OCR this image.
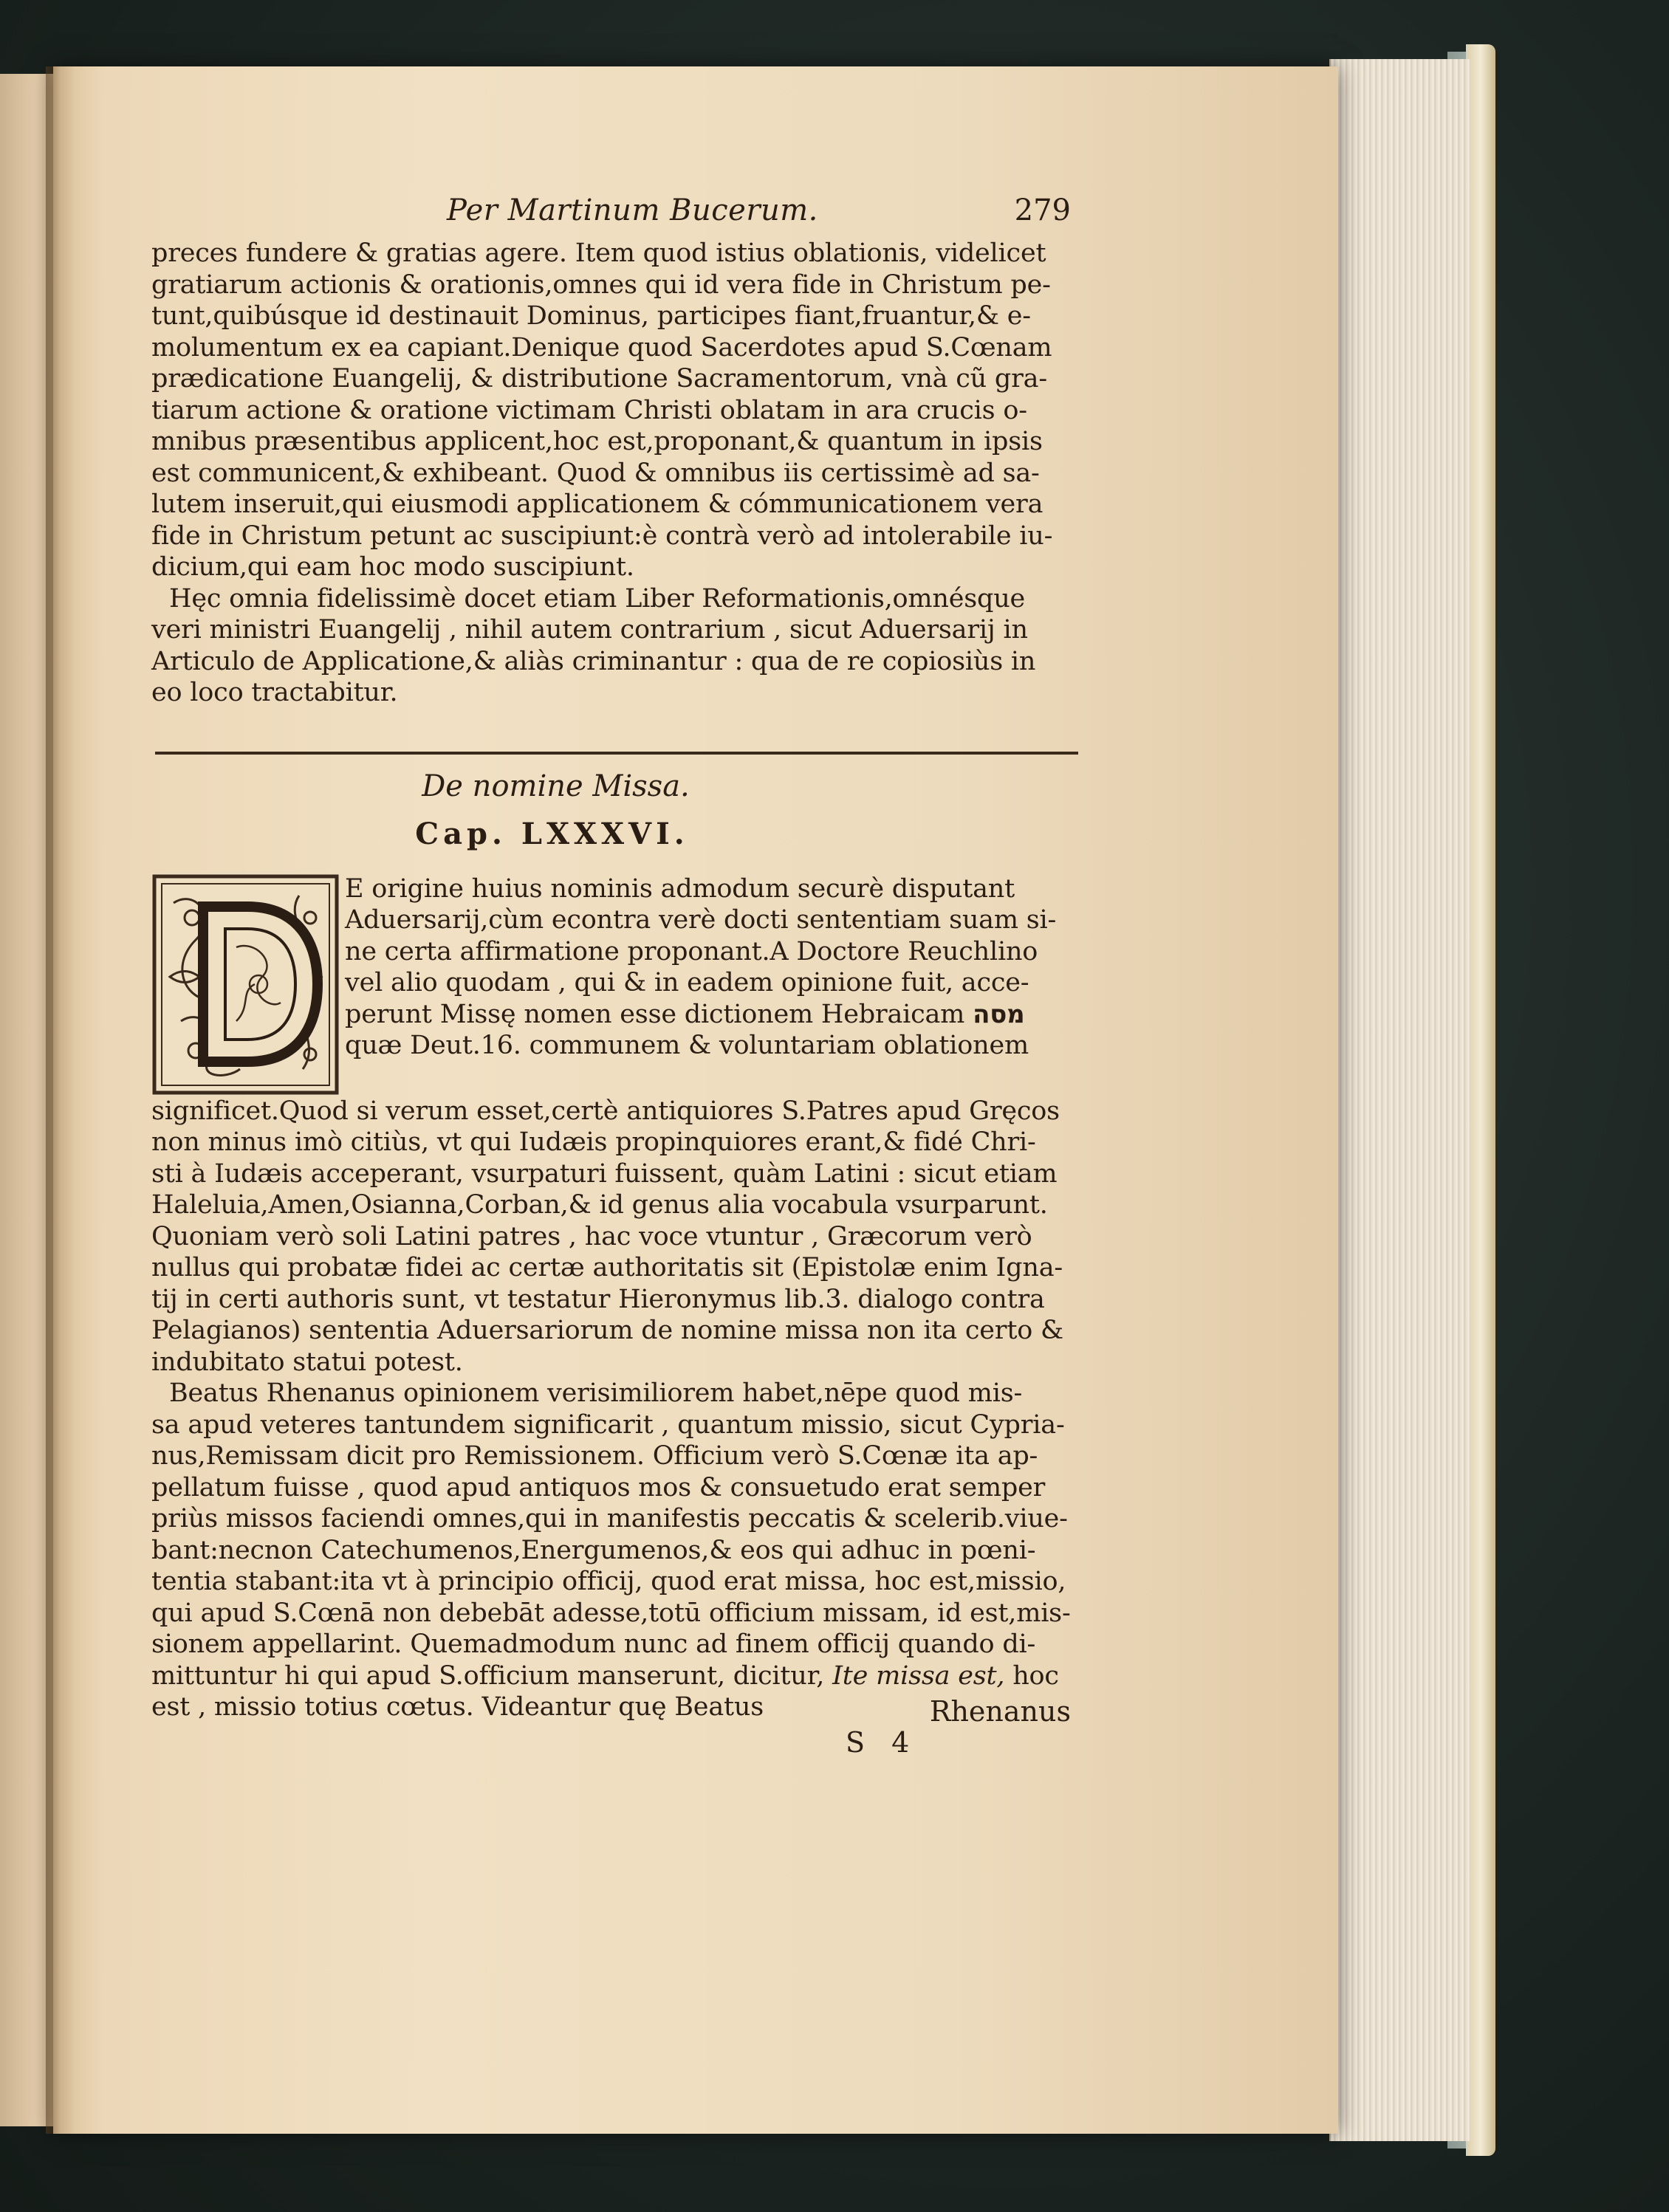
Per Martinum Bucerum.	279
preces fundere & gratias agere. Item quod istius oblationis, videlicet
gratiarum actionis & orationis,omnes qui id vera fide in Christum pe-
tunt,quibúsque id destinauit Dominus, participes fiant,fruantur,& e-
molumentum ex ea capiant.Denique quod Sacerdotes apud S.Cœnam
prædicatione Euangelij, & distributione Sacramentorum, vnà cũ gra-
tiarum actione & oratione victimam Christi oblatam in ara crucis o-
mnibus præsentibus applicent,hoc est,proponant,& quantum in ipsis
est communicent,& exhibeant. Quod & omnibus iis certissimè ad sa-
lutem inseruit,qui eiusmodi applicationem & cómmunicationem vera
fide in Christum petunt ac suscipiunt:è contrà verò ad intolerabile iu-
dicium,qui eam hoc modo suscipiunt.
Hęc omnia fidelissimè docet etiam Liber Reformationis,omnésque
veri ministri Euangelij , nihil autem contrarium , sicut Aduersarij in
Articulo de Applicatione,& aliàs criminantur : qua de re copiosiùs in
eo loco tractabitur.
De nomine Missa.
Cap. LXXXVI.
E origine huius nominis admodum securè disputant
Aduersarij,cùm econtra verè docti sententiam suam si-
ne certa affirmatione proponant.A Doctore Reuchlino
vel alio quodam , qui & in eadem opinione fuit, acce-
perunt Missę nomen esse dictionem Hebraicam מסה
quæ Deut.16. communem & voluntariam oblationem
significet.Quod si verum esset,certè antiquiores S.Patres apud Gręcos
non minus imò citiùs, vt qui Iudæis propinquiores erant,& fidé Chri-
sti à Iudæis acceperant, vsurpaturi fuissent, quàm Latini : sicut etiam
Haleluia,Amen,Osianna,Corban,& id genus alia vocabula vsurparunt.
Quoniam verò soli Latini patres , hac voce vtuntur , Græcorum verò
nullus qui probatæ fidei ac certæ authoritatis sit (Epistolæ enim Igna-
tij in certi authoris sunt, vt testatur Hieronymus lib.3. dialogo contra
Pelagianos) sententia Aduersariorum de nomine missa non ita certo &
indubitato statui potest.
Beatus Rhenanus opinionem verisimiliorem habet,nēpe quod mis-
sa apud veteres tantundem significarit , quantum missio, sicut Cypria-
nus,Remissam dicit pro Remissionem. Officium verò S.Cœnæ ita ap-
pellatum fuisse , quod apud antiquos mos & consuetudo erat semper
priùs missos faciendi omnes,qui in manifestis peccatis & scelerib.viue-
bant:necnon Catechumenos,Energumenos,& eos qui adhuc in pœni-
tentia stabant:ita vt à principio officij, quod erat missa, hoc est,missio,
qui apud S.Cœnā non debebāt adesse,totū officium missam, id est,mis-
sionem appellarint. Quemadmodum nunc ad finem officij quando di-
mittuntur hi qui apud S.officium manserunt, dicitur, Ite missa est, hoc
est , missio totius cœtus. Videantur quę Beatus	Rhenanus
S 4
